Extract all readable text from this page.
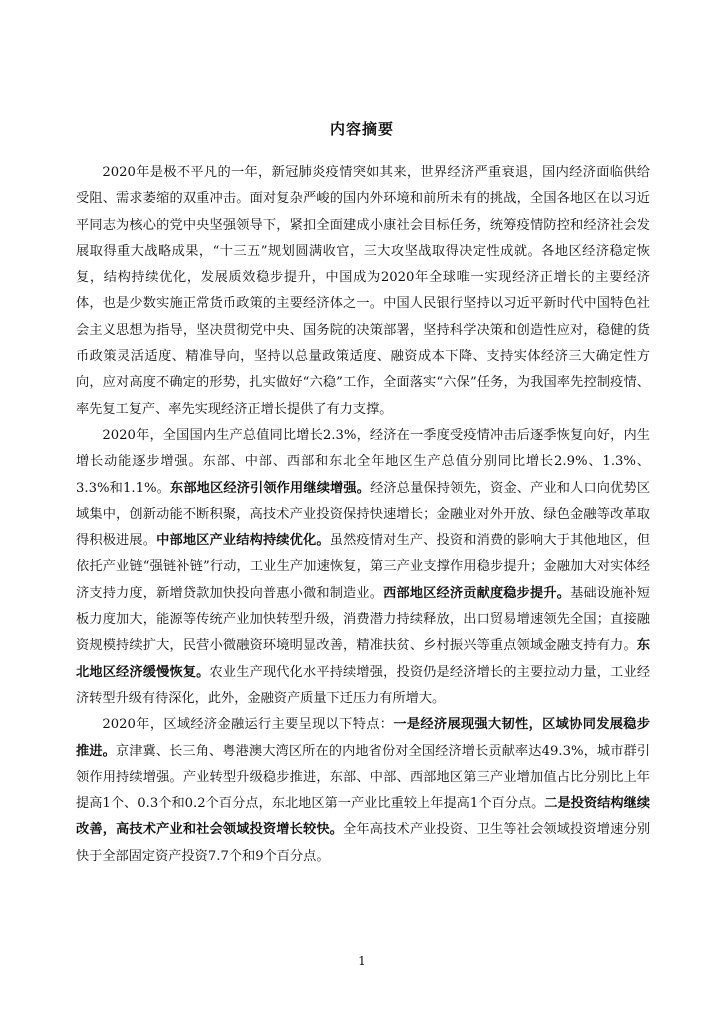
内容摘要

2020年是极不平凡的一年，新冠肺炎疫情突如其来，世界经济严重衰退，国内经济面临供给受阻、需求萎缩的双重冲击。面对复杂严峻的国内外环境和前所未有的挑战，全国各地区在以习近平同志为核心的党中央坚强领导下，紧扣全面建成小康社会目标任务，统筹疫情防控和经济社会发展取得重大战略成果，“十三五”规划圆满收官，三大攻坚战取得决定性成就。各地区经济稳定恢复，结构持续优化，发展质效稳步提升，中国成为2020年全球唯一实现经济正增长的主要经济体，也是少数实施正常货币政策的主要经济体之一。中国人民银行坚持以习近平新时代中国特色社会主义思想为指导，坚决贯彻党中央、国务院的决策部署，坚持科学决策和创造性应对，稳健的货币政策灵活适度、精准导向，坚持以总量政策适度、融资成本下降、支持实体经济三大确定性方向，应对高度不确定的形势，扎实做好“六稳”工作，全面落实“六保”任务，为我国率先控制疫情、率先复工复产、率先实现经济正增长提供了有力支撑。

2020年，全国国内生产总值同比增长2.3%，经济在一季度受疫情冲击后逐季恢复向好，内生增长动能逐步增强。东部、中部、西部和东北全年地区生产总值分别同比增长2.9%、1.3%、3.3%和1.1%。东部地区经济引领作用继续增强。经济总量保持领先，资金、产业和人口向优势区域集中，创新动能不断积聚，高技术产业投资保持快速增长；金融业对外开放、绿色金融等改革取得积极进展。中部地区产业结构持续优化。虽然疫情对生产、投资和消费的影响大于其他地区，但依托产业链“强链补链”行动，工业生产加速恢复，第三产业支撑作用稳步提升；金融加大对实体经济支持力度，新增贷款加快投向普惠小微和制造业。西部地区经济贡献度稳步提升。基础设施补短板力度加大，能源等传统产业加快转型升级，消费潜力持续释放，出口贸易增速领先全国；直接融资规模持续扩大，民营小微融资环境明显改善，精准扶贫、乡村振兴等重点领域金融支持有力。东北地区经济缓慢恢复。农业生产现代化水平持续增强，投资仍是经济增长的主要拉动力量，工业经济转型升级有待深化，此外，金融资产质量下迁压力有所增大。

2020年，区域经济金融运行主要呈现以下特点：一是经济展现强大韧性，区域协同发展稳步推进。京津冀、长三角、粤港澳大湾区所在的内地省份对全国经济增长贡献率达49.3%，城市群引领作用持续增强。产业转型升级稳步推进，东部、中部、西部地区第三产业增加值占比分别比上年提高1个、0.3个和0.2个百分点，东北地区第一产业比重较上年提高1个百分点。二是投资结构继续改善，高技术产业和社会领域投资增长较快。全年高技术产业投资、卫生等社会领域投资增速分别快于全部固定资产投资7.7个和9个百分点。

1
